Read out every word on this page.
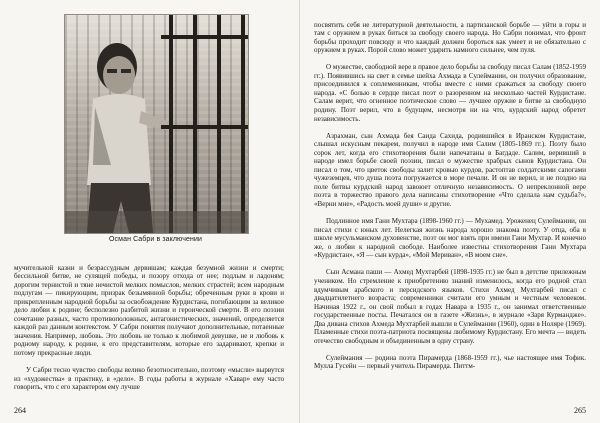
Осман Сабри в заключении

мучительной казни и безрассудным дервишам; каждая безумной жизни и смерти; бессильной битве, не сулящей победы, и позору отхода от нее; подлым и ладоням; дорогим тернистой и тяне нечистой мелких помыслов, мелких страстей; всем народным подлугам — пикирующим, призрак безымянной борьбы; обреченным руки в крови и прикрепленным народной борьбы за освобождение Курдистана, погибающим за великое дело любви к родине; бесполезно разбитой жизни и героической смерти. В его поэзии сочетание разных, часто противоположных, антагонистических, значений, определяется каждой раз данным контекстом. У Сабри понятия получают дополнительные, потаенные значения. Например, любовь. Это любовь не только к любимой девушке, не и любовь к родному народу, к родине, к его представителям, которые его задаривают, крепки и потому прекрасные люди.

У Сабри тесно чувство свободы велико безотносительно, поэтому «мысли» вырвутся из «художества» в практику, в «дело». В годы работы в журнале «Хавар» ему часто говорить, что с его характером ему лучше

264

посвятить себя не литературной деятельности, а партизанской борьбе — уйти в горы и там с оружием в руках биться за свободу своего народа. Но Сабри понимал, что фронт борьбы проходит повсюду и что каждый должен бороться как умеет и не обязательно с оружием в руках. Порой слово может ударить намного сильнее, чем пуля.

О мужестве, свободной вере в правое дело борьбы за свободу писал Салам (1852-1959 гг.). Появившись на свет в семье шейха Ахмада в Сулеймании, он получил образование, присоединился к соплеменникам, чтобы вместе с ними сражаться за свободу своего народа. «С болью в сердце писал поэт о разоренном на несколько частей Курдистане. Салам верит, что огненное поэтическое слово — лучшее оружие в битве за свободную родину. Поэт верил, что в будущем, несмотря ни на что, курдский народ обретет независимость.

Азрахман, сын Ахмада бея Саида Сахида, родившийся в Иранском Курдистане, слышал искусным пекарем, получил в народе имя Салим (1805-1869 гг.). Поэту было сорок лет, когда его стихотворения были напечатаны в Багдаде. Салим, веривший в народе имел борьбе своей поэзии, писал о мужестве храбрых сынов Курдистана. Он писал о том, что цветок свободы залит кровью курдов, растоптав солдатскими сапогами чужеземцев, что душа поэта погружается в море печали. И он не верил, и не поздно на поле битвы курдский народ завоюет отличную независимость. О непреклонной вере поэта в торжество правого дела написаны стихотворение «Что сделала нам судьба?», «Верни мне», «Радость моей души» и другие.

Подлинное имя Гани Мухтара (1898-1960 гг.) — Мухамед. Уроженец Сулеймании, он писал стихи с юных лет. Нелегкая жизнь народа хорошо знакома поэту. У отца, оба в школе мусульманском духовенстве, поэт он мог взять при имени Гани Мухтар. И конечно же, о любви к народной свободе. Наиболее известны стихотворения Гани Мухтара «Курдистан», «Я — сын курда», «Мой Мериван», «В моем сне».

Сын Асмана паши — Ахмед Мухтарбей (1898-1935 гг.) не был в детстве прилежным учеником. Но стремление к приобретению знаний изменилось, когда его родной стал вдумчивым арабского и персидского языков. Стихи Ахмед Мухтарбей писал с двадцатилетнего возраста; современники считали его умным и честным человеком. Начиная 1922 г., он свой побыл в годах Навара в 1935 г., он занимал ответственные государственные посты. Печатался он в газете «Жизнь», в журнале «Заря Курмандже». Два дивана стихов Ахмеда Мухтарбей вышли в Сулеймании (1960), один в Ноляре (1969). Пламенные стихи поэта-патриота посвящены любимому Курдистану. Его мечта — видеть отечество свободным и объединенным в одну страну.

Сулеймания — родина поэта Пирамерда (1868-1959 гг.), чье настоящее имя Тофик. Мулла Гусейн — первый учитель Пирамерда. Питтм-

265
